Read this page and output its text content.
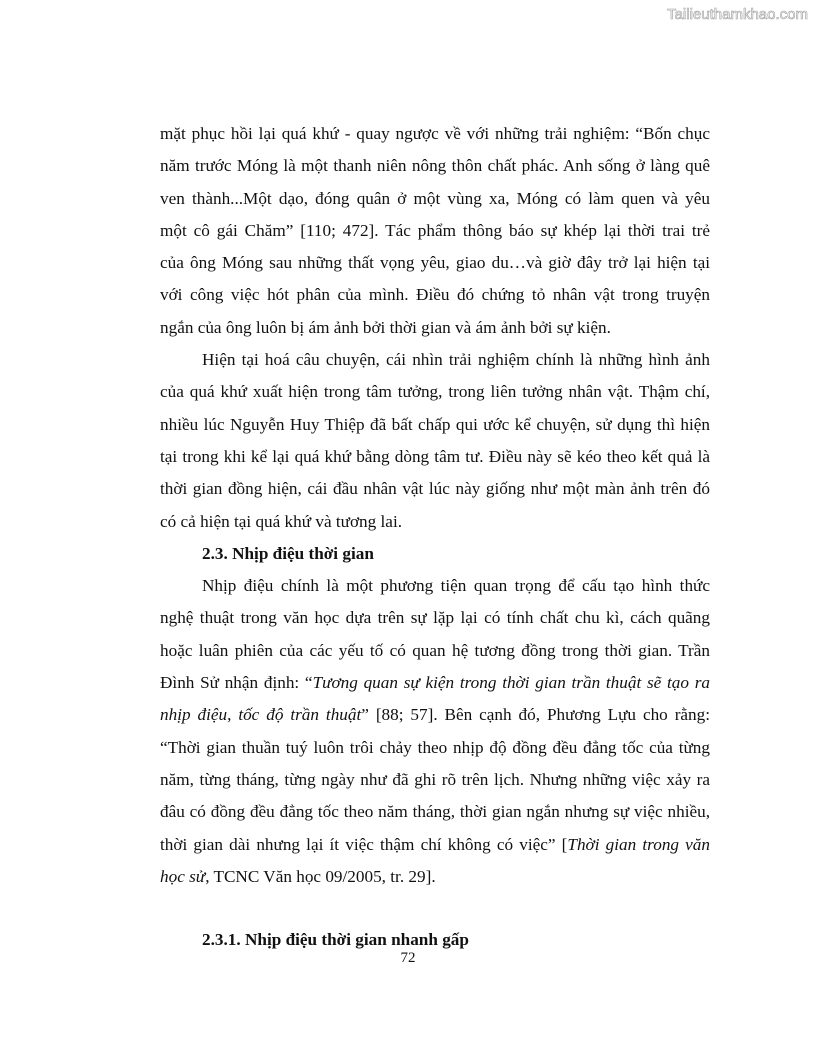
Tailieuthamkhao.com
mặt phục hồi lại quá khứ - quay ngược về với những trải nghiệm: “Bốn chục
năm trước Móng là một thanh niên nông thôn chất phác. Anh sống ở làng quê
ven thành...Một dạo, đóng quân ở một vùng xa, Móng có làm quen và yêu
một cô gái Chăm” [110; 472]. Tác phẩm thông báo sự khép lại thời trai trẻ
của ông Móng sau những thất vọng yêu, giao du…và giờ đây trở lại hiện tại
với công việc hót phân của mình. Điều đó chứng tỏ nhân vật trong truyện
ngắn của ông luôn bị ám ảnh bởi thời gian và ám ảnh bởi sự kiện.
Hiện tại hoá câu chuyện, cái nhìn trải nghiệm chính là những hình ảnh
của quá khứ xuất hiện trong tâm tưởng, trong liên tưởng nhân vật. Thậm chí,
nhiều lúc Nguyễn Huy Thiệp đã bất chấp qui ước kể chuyện, sử dụng thì hiện
tại trong khi kể lại quá khứ bằng dòng tâm tư. Điều này sẽ kéo theo kết quả là
thời gian đồng hiện, cái đầu nhân vật lúc này giống như một màn ảnh trên đó
có cả hiện tại quá khứ và tương lai.
2.3. Nhịp điệu thời gian
Nhịp điệu chính là một phương tiện quan trọng để cấu tạo hình thức
nghệ thuật trong văn học dựa trên sự lặp lại có tính chất chu kì, cách quãng
hoặc luân phiên của các yếu tố có quan hệ tương đồng trong thời gian. Trần
Đình Sử nhận định: “Tương quan sự kiện trong thời gian trần thuật sẽ tạo ra
nhịp điệu, tốc độ trần thuật” [88; 57]. Bên cạnh đó, Phương Lựu cho rằng:
“Thời gian thuần tuý luôn trôi chảy theo nhịp độ đồng đều đẳng tốc của từng
năm, từng tháng, từng ngày như đã ghi rõ trên lịch. Nhưng những việc xảy ra
đâu có đồng đều đẳng tốc theo năm tháng, thời gian ngắn nhưng sự việc nhiều,
thời gian dài nhưng lại ít việc thậm chí không có việc” [Thời gian trong văn
học sử, TCNC Văn học 09/2005, tr. 29].
2.3.1. Nhịp điệu thời gian nhanh gấp
72
